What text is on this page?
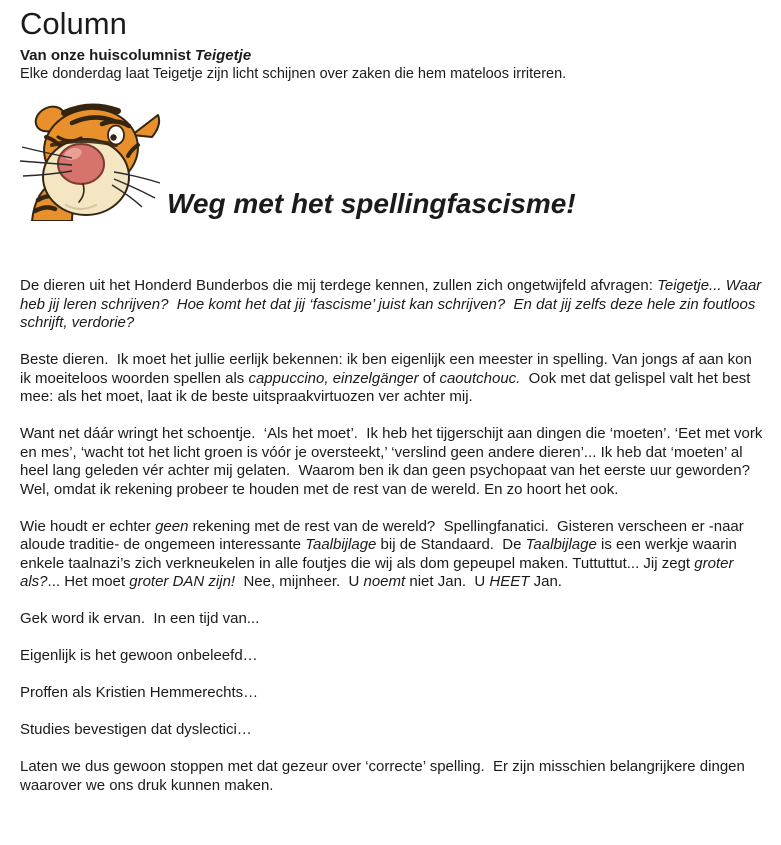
Column

Van onze huiscolumnist Teigetje

Elke donderdag laat Teigetje zijn licht schijnen over zaken die hem mateloos irriteren.

Weg met het spellingfascisme!

De dieren uit het Honderd Bunderbos die mij terdege kennen, zullen zich ongetwijfeld afvragen: Teigetje... Waar heb jij leren schrijven?  Hoe komt het dat jij ‘fascisme’ juist kan schrijven?  En dat jij zelfs deze hele zin foutloos schrijft, verdorie?

Beste dieren.  Ik moet het jullie eerlijk bekennen: ik ben eigenlijk een meester in spelling. Van jongs af aan kon ik moeiteloos woorden spellen als cappuccino, einzelgänger of caoutchouc.  Ook met dat gelispel valt het best mee: als het moet, laat ik de beste uitspraakvirtuozen ver achter mij.

Want net dáár wringt het schoentje.  ‘Als het moet’.  Ik heb het tijgerschijt aan dingen die ‘moeten’. ‘Eet met vork en mes’, ‘wacht tot het licht groen is vóór je oversteekt,’ ‘verslind geen andere dieren’... Ik heb dat ‘moeten’ al heel lang geleden vér achter mij gelaten.  Waarom ben ik dan geen psychopaat van het eerste uur geworden? Wel, omdat ik rekening probeer te houden met de rest van de wereld. En zo hoort het ook.

Wie houdt er echter geen rekening met de rest van de wereld?  Spellingfanatici.  Gisteren verscheen er -naar aloude traditie- de ongemeen interessante Taalbijlage bij de Standaard.  De Taalbijlage is een werkje waarin enkele taalnazi’s zich verkneukelen in alle foutjes die wij als dom gepeupel maken. Tuttuttut... Jij zegt groter als?... Het moet groter DAN zijn!  Nee, mijnheer.  U noemt niet Jan.  U HEET Jan.

Gek word ik ervan.  In een tijd van...

Eigenlijk is het gewoon onbeleefd…

Proffen als Kristien Hemmerechts…

Studies bevestigen dat dyslectici…

Laten we dus gewoon stoppen met dat gezeur over ‘correcte’ spelling.  Er zijn misschien belangrijkere dingen waarover we ons druk kunnen maken.
